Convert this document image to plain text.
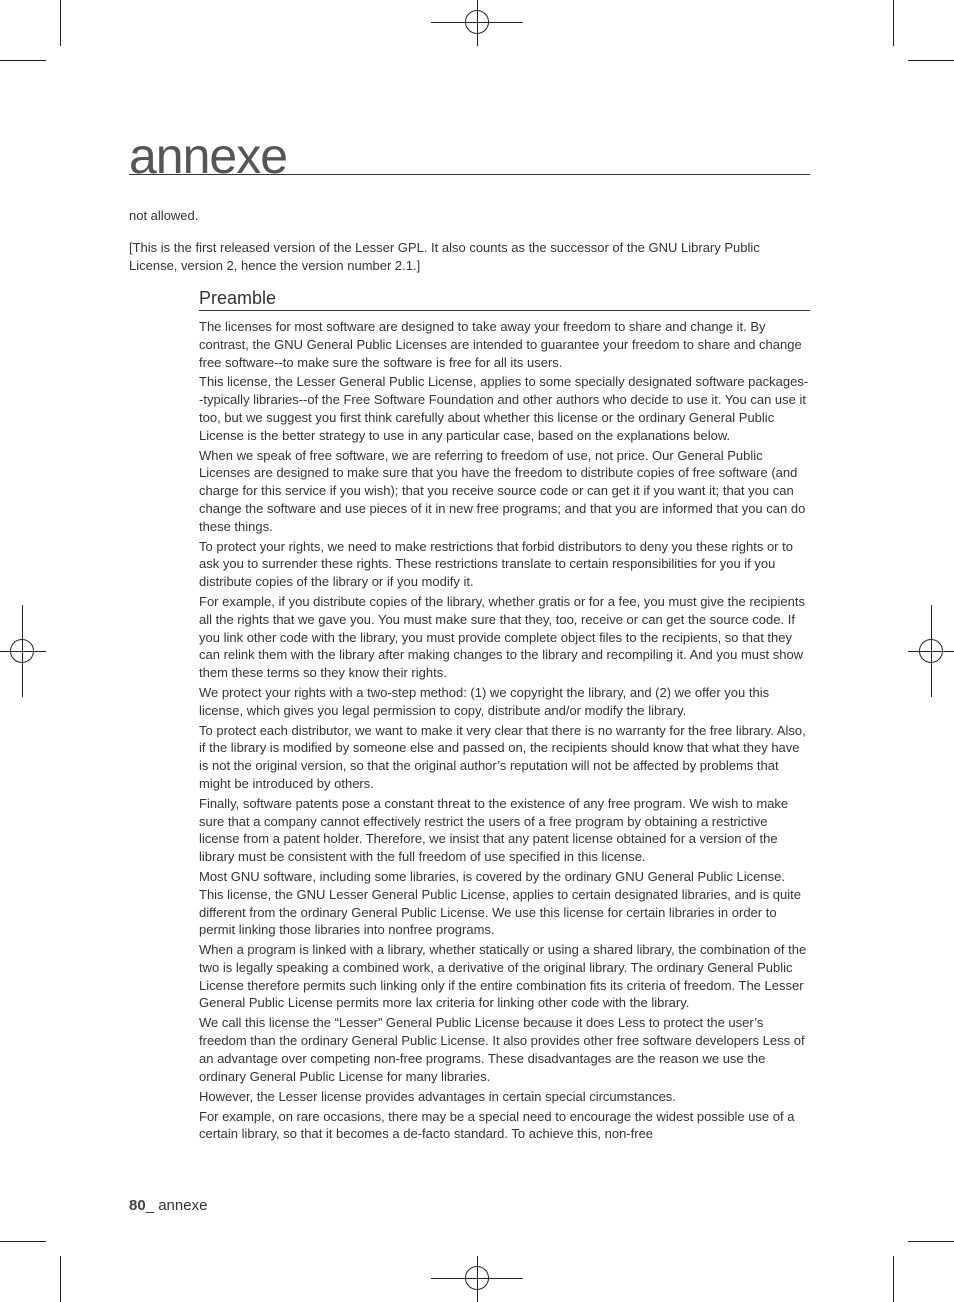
annexe
not allowed.
[This is the first released version of the Lesser GPL. It also counts as the successor of the GNU Library Public License, version 2, hence the version number 2.1.]
Preamble

The licenses for most software are designed to take away your freedom to share and change it. By contrast, the GNU General Public Licenses are intended to guarantee your freedom to share and change free software--to make sure the software is free for all its users.

This license, the Lesser General Public License, applies to some specially designated software packages--typically libraries--of the Free Software Foundation and other authors who decide to use it. You can use it too, but we suggest you first think carefully about whether this license or the ordinary General Public License is the better strategy to use in any particular case, based on the explanations below.

When we speak of free software, we are referring to freedom of use, not price. Our General Public Licenses are designed to make sure that you have the freedom to distribute copies of free software (and charge for this service if you wish); that you receive source code or can get it if you want it; that you can change the software and use pieces of it in new free programs; and that you are informed that you can do these things.

To protect your rights, we need to make restrictions that forbid distributors to deny you these rights or to ask you to surrender these rights. These restrictions translate to certain responsibilities for you if you distribute copies of the library or if you modify it.

For example, if you distribute copies of the library, whether gratis or for a fee, you must give the recipients all the rights that we gave you. You must make sure that they, too, receive or can get the source code. If you link other code with the library, you must provide complete object files to the recipients, so that they can relink them with the library after making changes to the library and recompiling it. And you must show them these terms so they know their rights.

We protect your rights with a two-step method: (1) we copyright the library, and (2) we offer you this license, which gives you legal permission to copy, distribute and/or modify the library.

To protect each distributor, we want to make it very clear that there is no warranty for the free library. Also, if the library is modified by someone else and passed on, the recipients should know that what they have is not the original version, so that the original author’s reputation will not be affected by problems that might be introduced by others.

Finally, software patents pose a constant threat to the existence of any free program. We wish to make sure that a company cannot effectively restrict the users of a free program by obtaining a restrictive license from a patent holder. Therefore, we insist that any patent license obtained for a version of the library must be consistent with the full freedom of use specified in this license.

Most GNU software, including some libraries, is covered by the ordinary GNU General Public License. This license, the GNU Lesser General Public License, applies to certain designated libraries, and is quite different from the ordinary General Public License. We use this license for certain libraries in order to permit linking those libraries into nonfree programs.

When a program is linked with a library, whether statically or using a shared library, the combination of the two is legally speaking a combined work, a derivative of the original library. The ordinary General Public License therefore permits such linking only if the entire combination fits its criteria of freedom. The Lesser General Public License permits more lax criteria for linking other code with the library.

We call this license the “Lesser” General Public License because it does Less to protect the user’s freedom than the ordinary General Public License. It also provides other free software developers Less of an advantage over competing non-free programs. These disadvantages are the reason we use the ordinary General Public License for many libraries.

However, the Lesser license provides advantages in certain special circumstances.

For example, on rare occasions, there may be a special need to encourage the widest possible use of a certain library, so that it becomes a de-facto standard. To achieve this, non-free

80_ annexe
